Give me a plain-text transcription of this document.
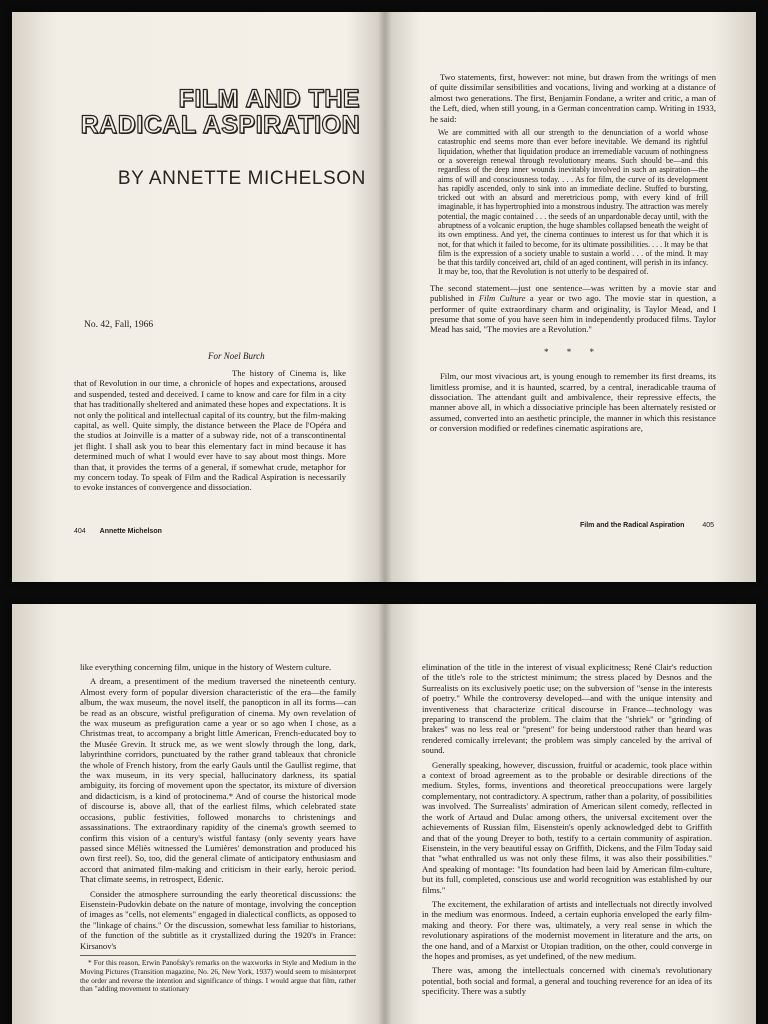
FILM AND THE
RADICAL ASPIRATION
BY ANNETTE MICHELSON
No. 42, Fall, 1966
For Noel Burch

The history of Cinema is, like that of Revolution in our time, a chronicle of hopes and expectations, aroused and suspended, tested and deceived. I came to know and care for film in a city that has traditionally sheltered and animated these hopes and expectations. It is not only the political and intellectual capital of its country, but the film-making capital, as well. Quite simply, the distance between the Place de l'Opéra and the studios at Joinville is a matter of a subway ride, not of a transcontinental jet flight. I shall ask you to bear this elementary fact in mind because it has determined much of what I would ever have to say about most things. More than that, it provides the terms of a general, if somewhat crude, metaphor for my concern today. To speak of Film and the Radical Aspiration is necessarily to evoke instances of convergence and dissociation.

404 Annette Michelson

Two statements, first, however: not mine, but drawn from the writings of men of quite dissimilar sensibilities and vocations, living and working at a distance of almost two generations. The first, Benjamin Fondane, a writer and critic, a man of the Left, died, when still young, in a German concentration camp. Writing in 1933, he said:

We are committed with all our strength to the denunciation of a world whose catastrophic end seems more than ever before inevitable. We demand its rightful liquidation, whether that liquidation produce an irremediable vacuum of nothingness or a sovereign renewal through revolutionary means. Such should be—and this regardless of the deep inner wounds inevitably involved in such an aspiration—the aims of will and consciousness today. . . . As for film, the curve of its development has rapidly ascended, only to sink into an immediate decline. Stuffed to bursting, tricked out with an absurd and meretricious pomp, with every kind of frill imaginable, it has hypertrophied into a monstrous industry. The attraction was merely potential, the magic contained . . . the seeds of an unpardonable decay until, with the abruptness of a volcanic eruption, the huge shambles collapsed beneath the weight of its own emptiness. And yet, the cinema continues to interest us for that which it is not, for that which it failed to become, for its ultimate possibilities. . . . It may be that film is the expression of a society unable to sustain a world . . . of the mind. It may be that this tardily conceived art, child of an aged continent, will perish in its infancy. It may be, too, that the Revolution is not utterly to be despaired of.

The second statement—just one sentence—was written by a movie star and published in Film Culture a year or two ago. The movie star in question, a performer of quite extraordinary charm and originality, is Taylor Mead, and I presume that some of you have seen him in independently produced films. Taylor Mead has said, "The movies are a Revolution."

* * *

Film, our most vivacious art, is young enough to remember its first dreams, its limitless promise, and it is haunted, scarred, by a central, ineradicable trauma of dissociation. The attendant guilt and ambivalence, their repressive effects, the manner above all, in which a dissociative principle has been alternately resisted or assumed, converted into an aesthetic principle, the manner in which this resistance or conversion modified or redefines cinematic aspirations are,

Film and the Radical Aspiration	405

like everything concerning film, unique in the history of Western culture.

A dream, a presentiment of the medium traversed the nineteenth century. Almost every form of popular diversion characteristic of the era—the family album, the wax museum, the novel itself, the panopticon in all its forms—can be read as an obscure, wistful prefiguration of cinema. My own revelation of the wax museum as prefiguration came a year or so ago when I chose, as a Christmas treat, to accompany a bright little American, French-educated boy to the Musée Grevin. It struck me, as we went slowly through the long, dark, labyrinthine corridors, punctuated by the rather grand tableaux that chronicle the whole of French history, from the early Gauls until the Gaullist regime, that the wax museum, in its very special, hallucinatory darkness, its spatial ambiguity, its forcing of movement upon the spectator, its mixture of diversion and didacticism, is a kind of protocinema.* And of course the historical mode of discourse is, above all, that of the earliest films, which celebrated state occasions, public festivities, followed monarchs to christenings and assassinations. The extraordinary rapidity of the cinema's growth seemed to confirm this vision of a century's wistful fantasy (only seventy years have passed since Méliès witnessed the Lumières' demonstration and produced his own first reel). So, too, did the general climate of anticipatory enthusiasm and accord that animated film-making and criticism in their early, heroic period. That climate seems, in retrospect, Edenic.

Consider the atmosphere surrounding the early theoretical discussions: the Eisenstein-Pudovkin debate on the nature of montage, involving the conception of images as "cells, not elements" engaged in dialectical conflicts, as opposed to the "linkage of chains." Or the discussion, somewhat less familiar to historians, of the function of the subtitle as it crystallized during the 1920's in France: Kirsanov's

* For this reason, Erwin Panofsky's remarks on the waxworks in Style and Medium in the Moving Pictures (Transition magazine, No. 26, New York, 1937) would seem to misinterpret the order and reverse the intention and significance of things. I would argue that film, rather than "adding movement to stationary

elimination of the title in the interest of visual explicitness; René Clair's reduction of the title's role to the strictest minimum; the stress placed by Desnos and the Surrealists on its exclusively poetic use; on the subversion of "sense in the interests of poetry." While the controversy developed—and with the unique intensity and inventiveness that characterize critical discourse in France—technology was preparing to transcend the problem. The claim that the "shriek" or "grinding of brakes" was no less real or "present" for being understood rather than heard was rendered comically irrelevant; the problem was simply canceled by the arrival of sound.

Generally speaking, however, discussion, fruitful or academic, took place within a context of broad agreement as to the probable or desirable directions of the medium. Styles, forms, inventions and theoretical preoccupations were largely complementary, not contradictory. A spectrum, rather than a polarity, of possibilities was involved. The Surrealists' admiration of American silent comedy, reflected in the work of Artaud and Dulac among others, the universal excitement over the achievements of Russian film, Eisenstein's openly acknowledged debt to Griffith and that of the young Dreyer to both, testify to a certain community of aspiration. Eisenstein, in the very beautiful essay on Griffith, Dickens, and the Film Today said that "what enthralled us was not only these films, it was also their possibilities." And speaking of montage: "Its foundation had been laid by American film-culture, but its full, completed, conscious use and world recognition was established by our films."

The excitement, the exhilaration of artists and intellectuals not directly involved in the medium was enormous. Indeed, a certain euphoria enveloped the early film-making and theory. For there was, ultimately, a very real sense in which the revolutionary aspirations of the modernist movement in literature and the arts, on the one hand, and of a Marxist or Utopian tradition, on the other, could converge in the hopes and promises, as yet undefined, of the new medium.

There was, among the intellectuals concerned with cinema's revolutionary potential, both social and formal, a general and touching reverence for an idea of its specificity. There was a subtly
